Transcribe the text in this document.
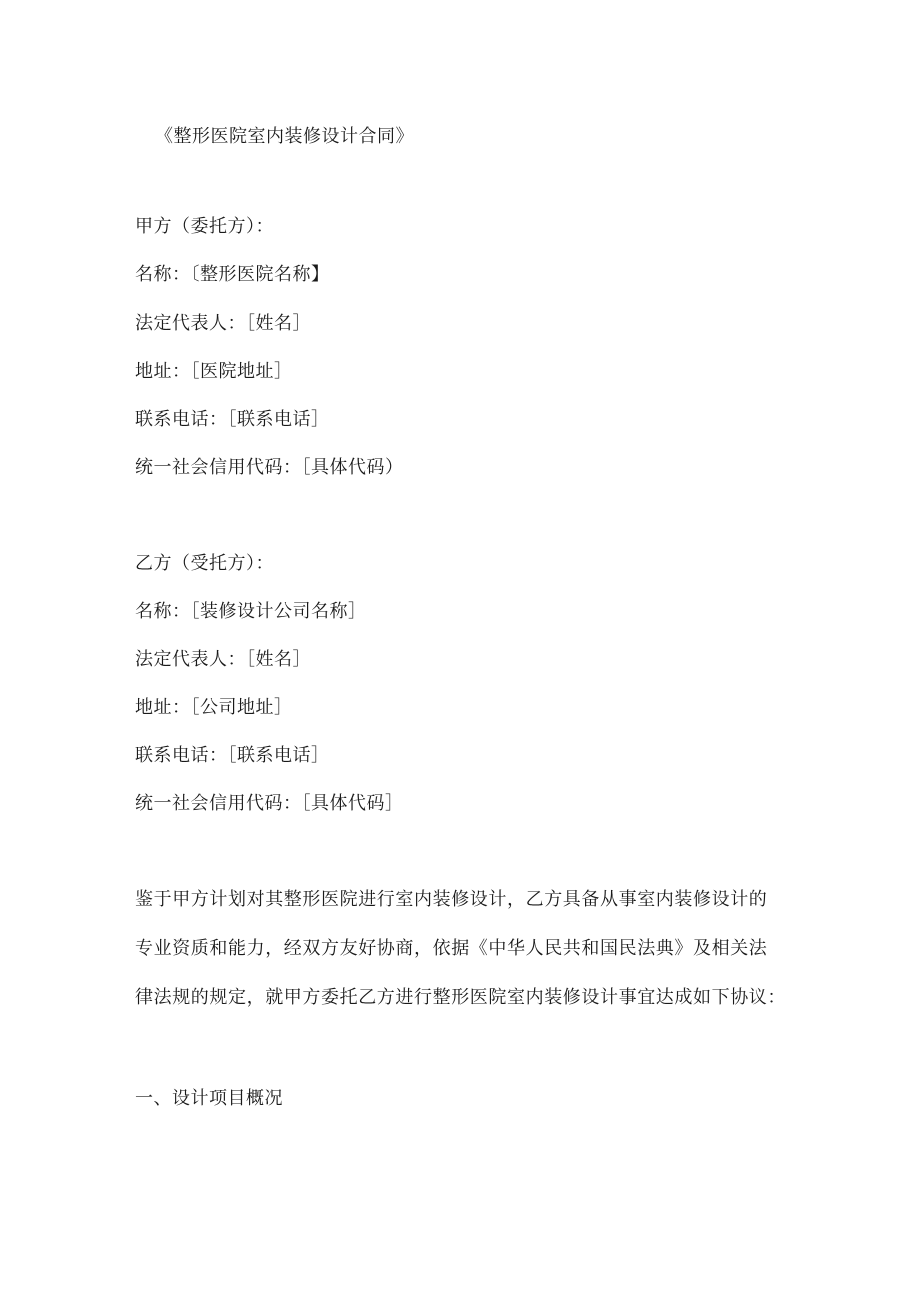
《整形医院室内装修设计合同》
甲方（委托方）：
名称：〔整形医院名称】
法定代表人：［姓名］
地址：［医院地址］
联系电话：［联系电话］
统一社会信用代码：［具体代码）
乙方（受托方）：
名称：［装修设计公司名称］
法定代表人：［姓名］
地址：［公司地址］
联系电话：［联系电话］
统一社会信用代码：［具体代码］
鉴于甲方计划对其整形医院进行室内装修设计，乙方具备从事室内装修设计的
专业资质和能力，经双方友好协商，依据《中华人民共和国民法典》及相关法
律法规的规定，就甲方委托乙方进行整形医院室内装修设计事宜达成如下协议：
一、设计项目概况
